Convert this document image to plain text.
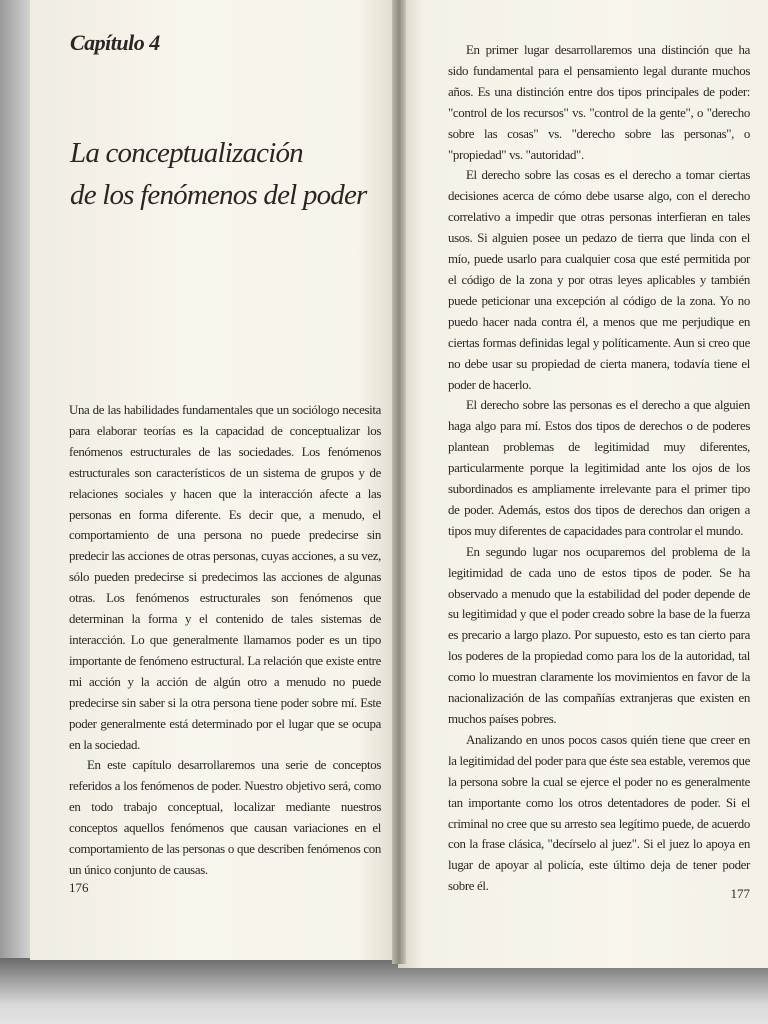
Capítulo 4
La conceptualización
de los fenómenos del poder

Una de las habilidades fundamentales que un sociólogo necesita para elaborar teorías es la capacidad de conceptualizar los fenómenos estructurales de las sociedades. Los fenómenos estructurales son característicos de un sistema de grupos y de relaciones sociales y hacen que la interacción afecte a las personas en forma diferente. Es decir que, a menudo, el comportamiento de una persona no puede predecirse sin predecir las acciones de otras personas, cuyas acciones, a su vez, sólo pueden predecirse si predecimos las acciones de algunas otras. Los fenómenos estructurales son fenómenos que determinan la forma y el contenido de tales sistemas de interacción. Lo que generalmente llamamos poder es un tipo importante de fenómeno estructural. La relación que existe entre mi acción y la acción de algún otro a menudo no puede predecirse sin saber si la otra persona tiene poder sobre mí. Este poder generalmente está determinado por el lugar que se ocupa en la sociedad.

En este capítulo desarrollaremos una serie de conceptos referidos a los fenómenos de poder. Nuestro objetivo será, como en todo trabajo conceptual, localizar mediante nuestros conceptos aquellos fenómenos que causan variaciones en el comportamiento de las personas o que describen fenómenos con un único conjunto de causas.

176

En primer lugar desarrollaremos una distinción que ha sido fundamental para el pensamiento legal durante muchos años. Es una distinción entre dos tipos principales de poder: "control de los recursos" vs. "control de la gente", o "derecho sobre las cosas" vs. "derecho sobre las personas", o "propiedad" vs. "autoridad".

El derecho sobre las cosas es el derecho a tomar ciertas decisiones acerca de cómo debe usarse algo, con el derecho correlativo a impedir que otras personas interfieran en tales usos. Si alguien posee un pedazo de tierra que linda con el mío, puede usarlo para cualquier cosa que esté permitida por el código de la zona y por otras leyes aplicables y también puede peticionar una excepción al código de la zona. Yo no puedo hacer nada contra él, a menos que me perjudique en ciertas formas definidas legal y políticamente. Aun si creo que no debe usar su propiedad de cierta manera, todavía tiene el poder de hacerlo.

El derecho sobre las personas es el derecho a que alguien haga algo para mí. Estos dos tipos de derechos o de poderes plantean problemas de legitimidad muy diferentes, particularmente porque la legitimidad ante los ojos de los subordinados es ampliamente irrelevante para el primer tipo de poder. Además, estos dos tipos de derechos dan origen a tipos muy diferentes de capacidades para controlar el mundo.

En segundo lugar nos ocuparemos del problema de la legitimidad de cada uno de estos tipos de poder. Se ha observado a menudo que la estabilidad del poder depende de su legitimidad y que el poder creado sobre la base de la fuerza es precario a largo plazo. Por supuesto, esto es tan cierto para los poderes de la propiedad como para los de la autoridad, tal como lo muestran claramente los movimientos en favor de la nacionalización de las compañías extranjeras que existen en muchos países pobres.

Analizando en unos pocos casos quién tiene que creer en la legitimidad del poder para que éste sea estable, veremos que la persona sobre la cual se ejerce el poder no es generalmente tan importante como los otros detentadores de poder. Si el criminal no cree que su arresto sea legítimo puede, de acuerdo con la frase clásica, "decírselo al juez". Si el juez lo apoya en lugar de apoyar al policía, este último deja de tener poder sobre él.	177
